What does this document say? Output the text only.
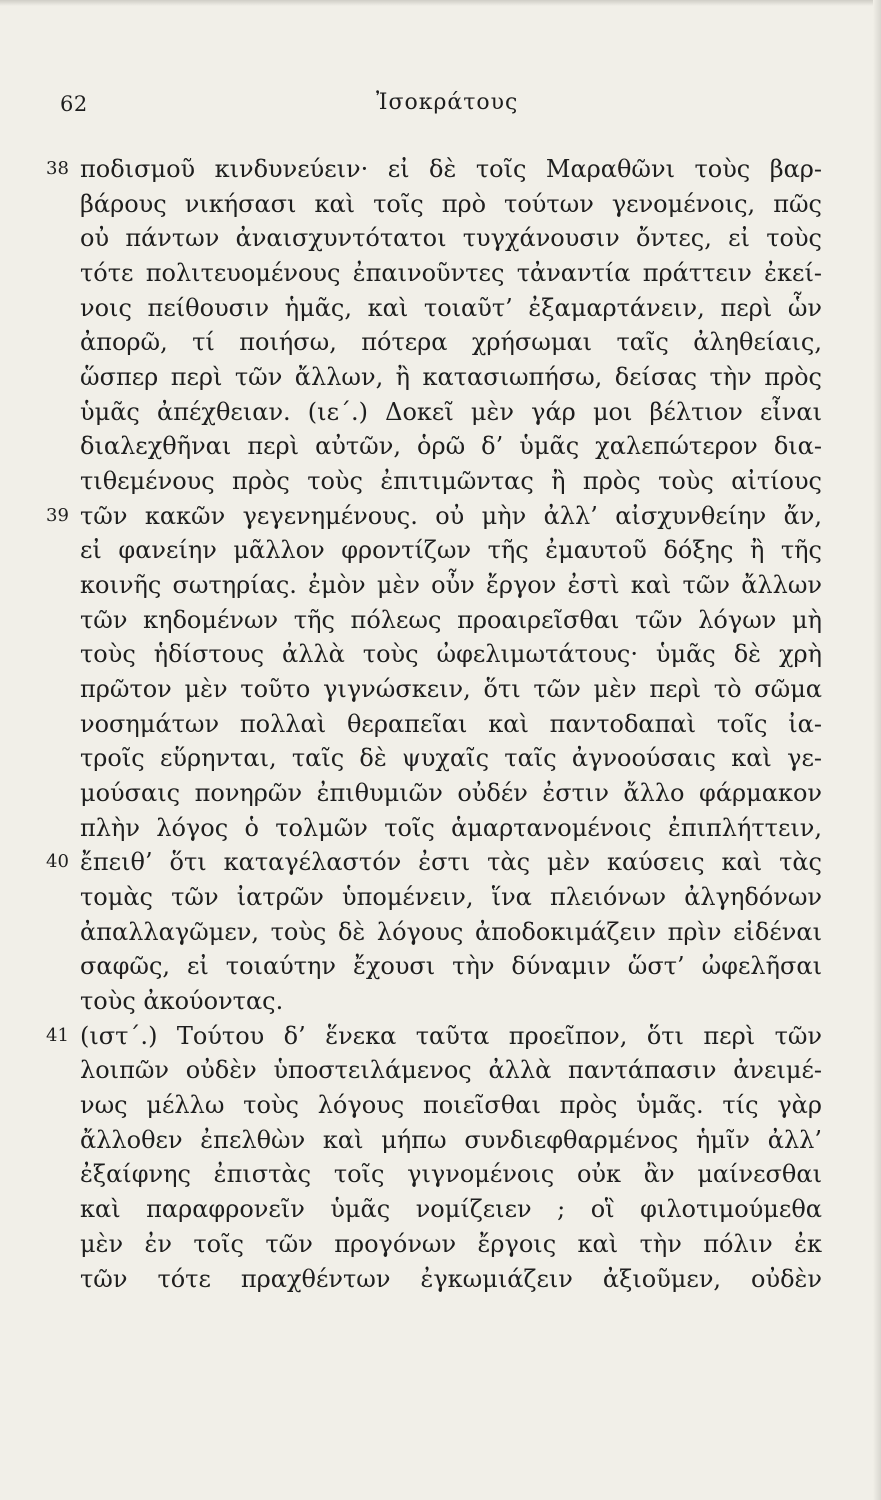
62	Ἰσοκράτους
38 ποδισμοῦ κινδυνεύειν· εἰ δὲ τοῖς Μαραθῶνι τοὺς βαρ-
βάρους νικήσασι καὶ τοῖς πρὸ τούτων γενομένοις, πῶς
οὐ πάντων ἀναισχυντότατοι τυγχάνουσιν ὄντες, εἰ τοὺς
τότε πολιτευομένους ἐπαινοῦντες τἀναντία πράττειν ἐκεί-
νοις πείθουσιν ἡμᾶς, καὶ τοιαῦτ’ ἐξαμαρτάνειν, περὶ ὧν
ἀπορῶ, τί ποιήσω, πότερα χρήσωμαι ταῖς ἀληθείαις,
ὥσπερ περὶ τῶν ἄλλων, ἢ κατασιωπήσω, δείσας τὴν πρὸς
ὑμᾶς ἀπέχθειαν. (ιε΄.) Δοκεῖ μὲν γάρ μοι βέλτιον εἶναι
διαλεχθῆναι περὶ αὐτῶν, ὁρῶ δ’ ὑμᾶς χαλεπώτερον δια-
τιθεμένους πρὸς τοὺς ἐπιτιμῶντας ἢ πρὸς τοὺς αἰτίους
39 τῶν κακῶν γεγενημένους. οὐ μὴν ἀλλ’ αἰσχυνθείην ἄν,
εἰ φανείην μᾶλλον φροντίζων τῆς ἐμαυτοῦ δόξης ἢ τῆς
κοινῆς σωτηρίας. ἐμὸν μὲν οὖν ἔργον ἐστὶ καὶ τῶν ἄλλων
τῶν κηδομένων τῆς πόλεως προαιρεῖσθαι τῶν λόγων μὴ
τοὺς ἡδίστους ἀλλὰ τοὺς ὠφελιμωτάτους· ὑμᾶς δὲ χρὴ
πρῶτον μὲν τοῦτο γιγνώσκειν, ὅτι τῶν μὲν περὶ τὸ σῶμα
νοσημάτων πολλαὶ θεραπεῖαι καὶ παντοδαπαὶ τοῖς ἰα-
τροῖς εὕρηνται, ταῖς δὲ ψυχαῖς ταῖς ἀγνοούσαις καὶ γε-
μούσαις πονηρῶν ἐπιθυμιῶν οὐδέν ἐστιν ἄλλο φάρμακον
πλὴν λόγος ὁ τολμῶν τοῖς ἁμαρτανομένοις ἐπιπλήττειν,
40 ἔπειθ’ ὅτι καταγέλαστόν ἐστι τὰς μὲν καύσεις καὶ τὰς
τομὰς τῶν ἰατρῶν ὑπομένειν, ἵνα πλειόνων ἀλγηδόνων
ἀπαλλαγῶμεν, τοὺς δὲ λόγους ἀποδοκιμάζειν πρὶν εἰδέναι
σαφῶς, εἰ τοιαύτην ἔχουσι τὴν δύναμιν ὥστ’ ὠφελῆσαι
τοὺς ἀκούοντας.
41 (ιστ΄.) Τούτου δ’ ἕνεκα ταῦτα προεῖπον, ὅτι περὶ τῶν
λοιπῶν οὐδὲν ὑποστειλάμενος ἀλλὰ παντάπασιν ἀνειμέ-
νως μέλλω τοὺς λόγους ποιεῖσθαι πρὸς ὑμᾶς. τίς γὰρ
ἄλλοθεν ἐπελθὼν καὶ μήπω συνδιεφθαρμένος ἡμῖν ἀλλ’
ἐξαίφνης ἐπιστὰς τοῖς γιγνομένοις οὐκ ἂν μαίνεσθαι
καὶ παραφρονεῖν ὑμᾶς νομίζειεν ; οἳ φιλοτιμούμεθα
μὲν ἐν τοῖς τῶν προγόνων ἔργοις καὶ τὴν πόλιν ἐκ
τῶν τότε πραχθέντων ἐγκωμιάζειν ἀξιοῦμεν, οὐδὲν
